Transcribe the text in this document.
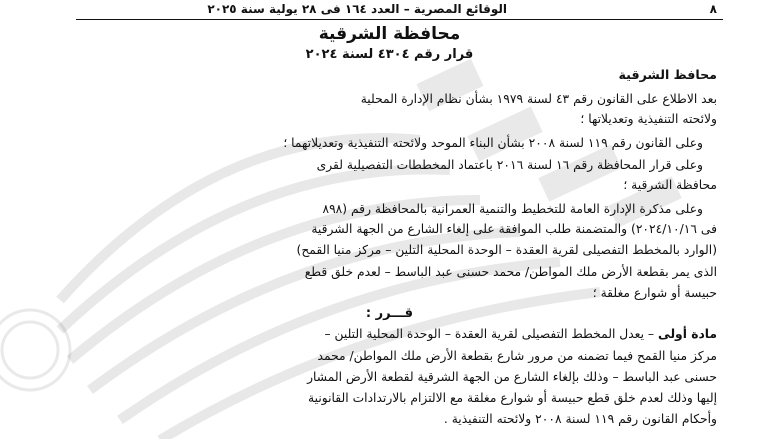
٨
الوقائع المصرية – العدد ١٦٤ فى ٢٨ يولية سنة ٢٠٢٥
محافظة الشرقية
قرار رقم ٤٣٠٤ لسنة ٢٠٢٤
محافظ الشرقية
بعد الاطلاع على القانون رقم ٤٣ لسنة ١٩٧٩ بشأن نظام الإدارة المحلية
ولائحته التنفيذية وتعديلاتها ؛
وعلى القانون رقم ١١٩ لسنة ٢٠٠٨ بشأن البناء الموحد ولائحته التنفيذية وتعديلاتهما ؛
وعلى قرار المحافظة رقم ١٦ لسنة ٢٠١٦ باعتماد المخططات التفصيلية لقرى
محافظة الشرقية ؛
وعلى مذكرة الإدارة العامة للتخطيط والتنمية العمرانية بالمحافظة رقم (٨٩٨
فى ٢٠٢٤/١٠/١٦) والمتضمنة طلب الموافقة على إلغاء الشارع من الجهة الشرقية
(الوارد بالمخطط التفصيلى لقرية العقدة – الوحدة المحلية التلين – مركز منيا القمح)
الذى يمر بقطعة الأرض ملك المواطن/ محمد حسنى عبد الباسط – لعدم خلق قطع
حبيسة أو شوارع مغلقة ؛
قـــرر :
مادة أولى – يعدل المخطط التفصيلى لقرية العقدة – الوحدة المحلية التلين –
مركز منيا القمح فيما تضمنه من مرور شارع بقطعة الأرض ملك المواطن/ محمد
حسنى عبد الباسط – وذلك بإلغاء الشارع من الجهة الشرقية لقطعة الأرض المشار
إليها وذلك لعدم خلق قطع حبيسة أو شوارع مغلقة مع الالتزام بالارتدادات القانونية
وأحكام القانون رقم ١١٩ لسنة ٢٠٠٨ ولائحته التنفيذية .
